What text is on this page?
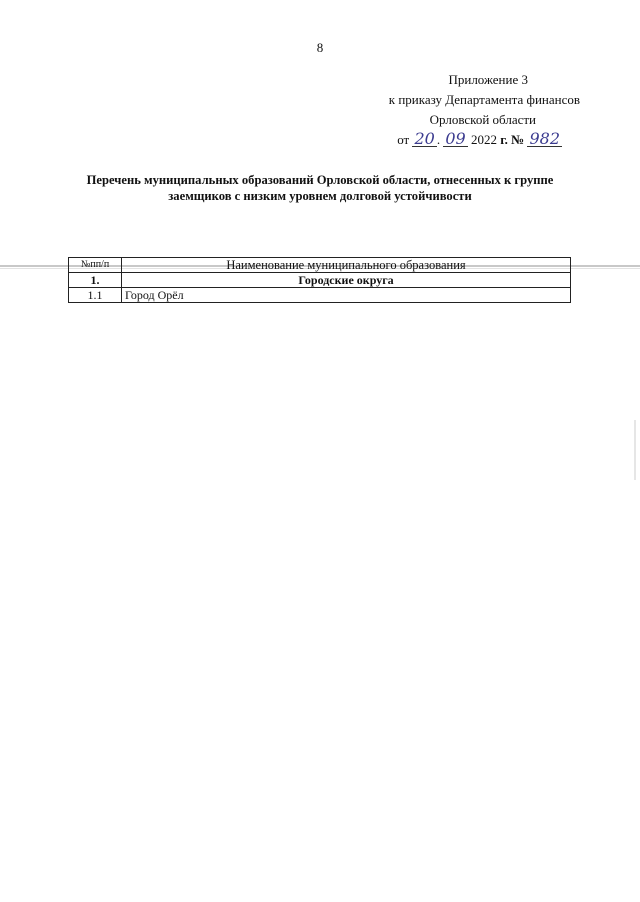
8
Приложение 3
к приказу Департамента финансов
Орловской области
от 20 . 09 2022 г. № 982
Перечень муниципальных образований Орловской области, отнесенных к группе
заемщиков с низким уровнем долговой устойчивости
№пп/п	Наименование муниципального образования
1.	Городские округа
1.1	Город Орёл
